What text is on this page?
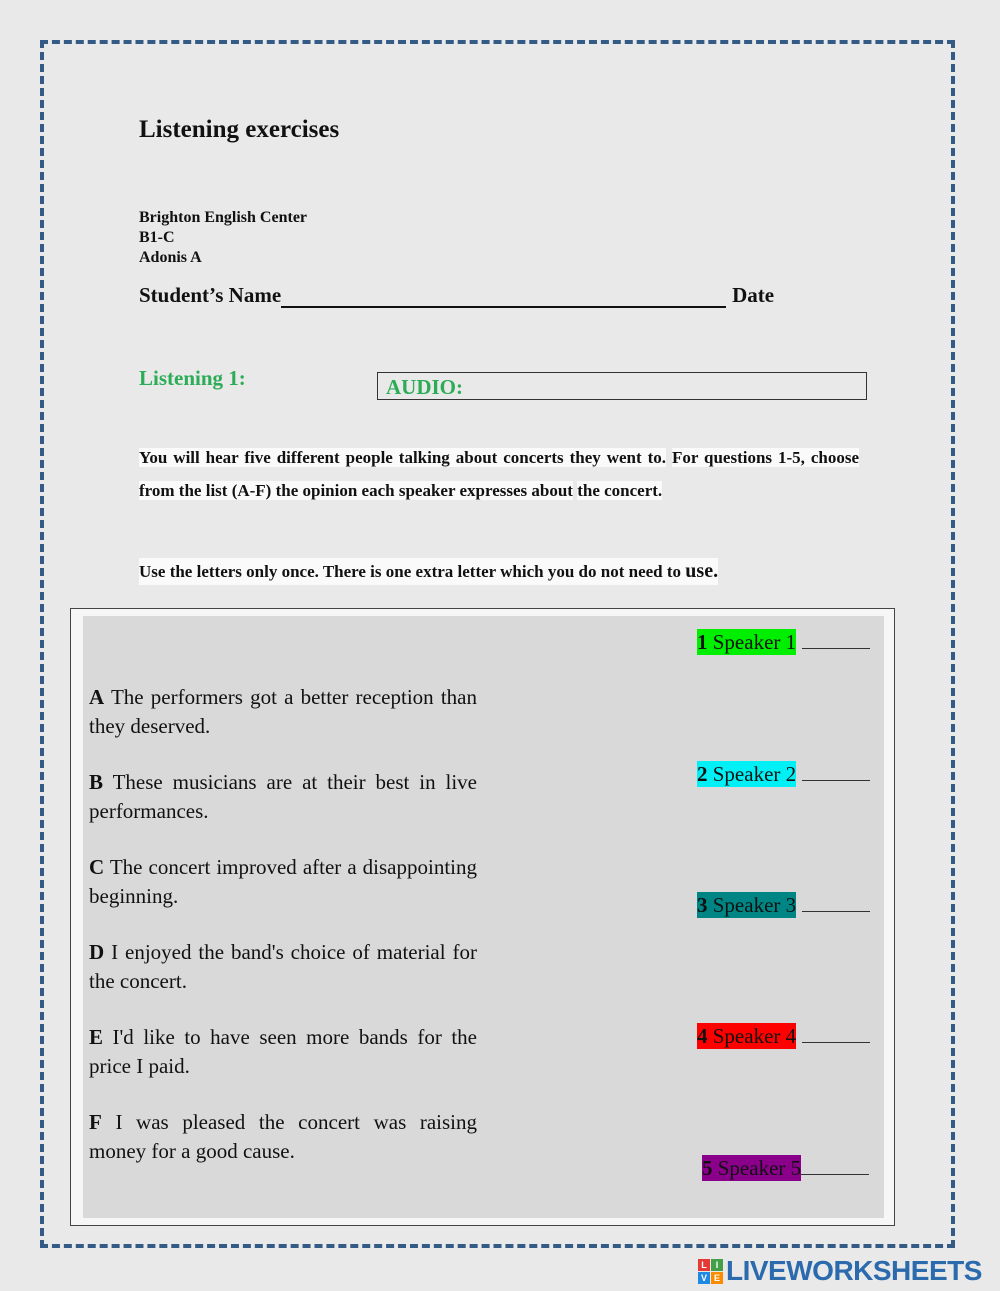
Listening exercises
Brighton English Center
B1-C
Adonis A
Student’s Name	Date
Listening 1:	AUDIO:
You will hear five different people talking about concerts they went to. For questions 1-5, choose from the list (A-F) the opinion each speaker expresses about the concert.
Use the letters only once. There is one extra letter which you do not need to use.
A The performers got a better reception than they deserved.
B These musicians are at their best in live performances.
C The concert improved after a disappointing beginning.
D I enjoyed the band's choice of material for the concert.
E I'd like to have seen more bands for the price I paid.
F I was pleased the concert was raising money for a good cause.
1 Speaker 1
2 Speaker 2
3 Speaker 3
4 Speaker 4
5 Speaker 5
L I
V E LIVEWORKSHEETS
